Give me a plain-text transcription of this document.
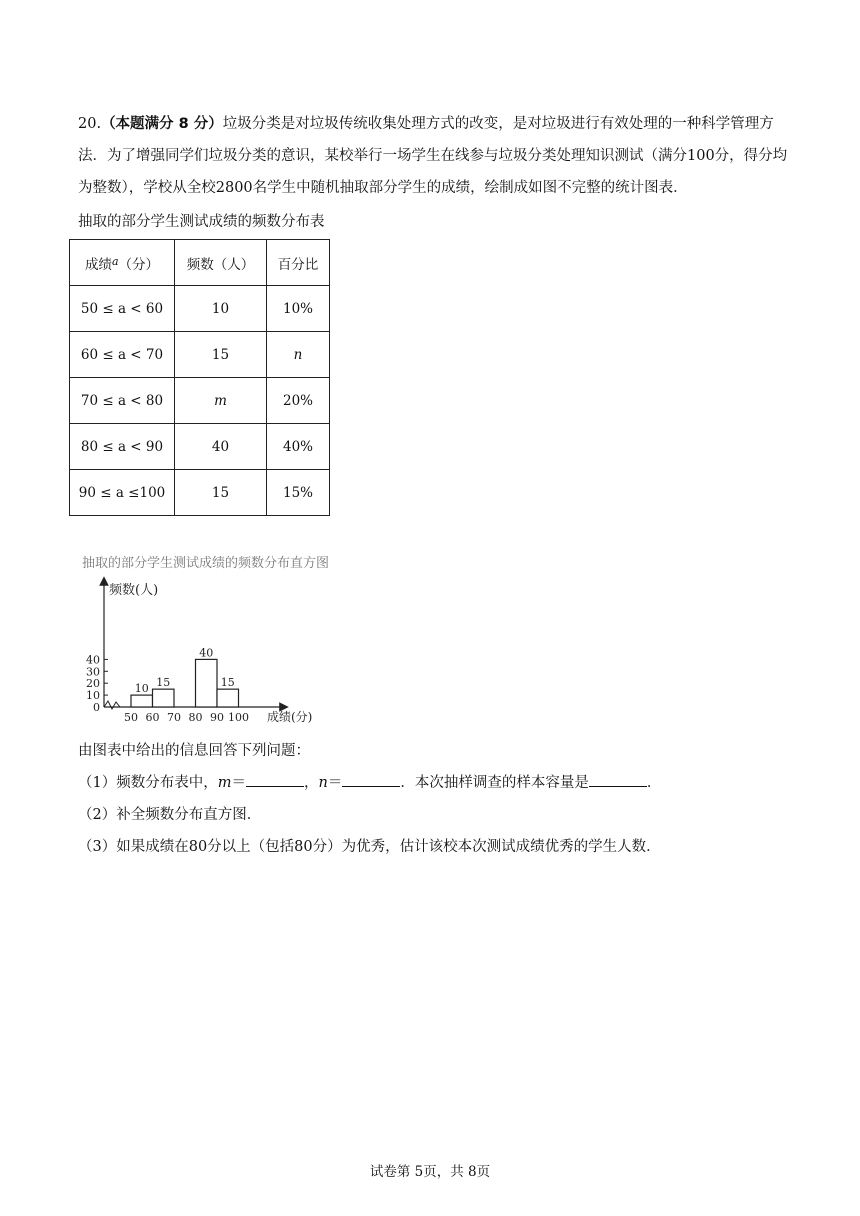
20.（本题满分 8 分）垃圾分类是对垃圾传统收集处理方式的改变，是对垃圾进行有效处理的一种科学管理方法．为了增强同学们垃圾分类的意识，某校举行一场学生在线参与垃圾分类处理知识测试（满分100分，得分均为整数），学校从全校2800名学生中随机抽取部分学生的成绩，绘制成如图不完整的统计图表．
抽取的部分学生测试成绩的频数分布表
成绩$^a$（分）	频数（人）	百分比
50 ≤ a < 60	10	10%
60 ≤ a < 70	15	n
70 ≤ a < 80	m	20%
80 ≤ a < 90	40	40%
90 ≤ a ≤100	15	15%
抽取的部分学生测试成绩的频数分布直方图
频数(人)
成绩(分)
0
10
20
30
40
50 60 70 80 90 100
10 15
40
15
由图表中给出的信息回答下列问题：
（1）频数分布表中，m＝	，n＝	．本次抽样调查的样本容量是	．
（2）补全频数分布直方图．
（3）如果成绩在80分以上（包括80分）为优秀，估计该校本次测试成绩优秀的学生人数．
试卷第 5页，共 8页
